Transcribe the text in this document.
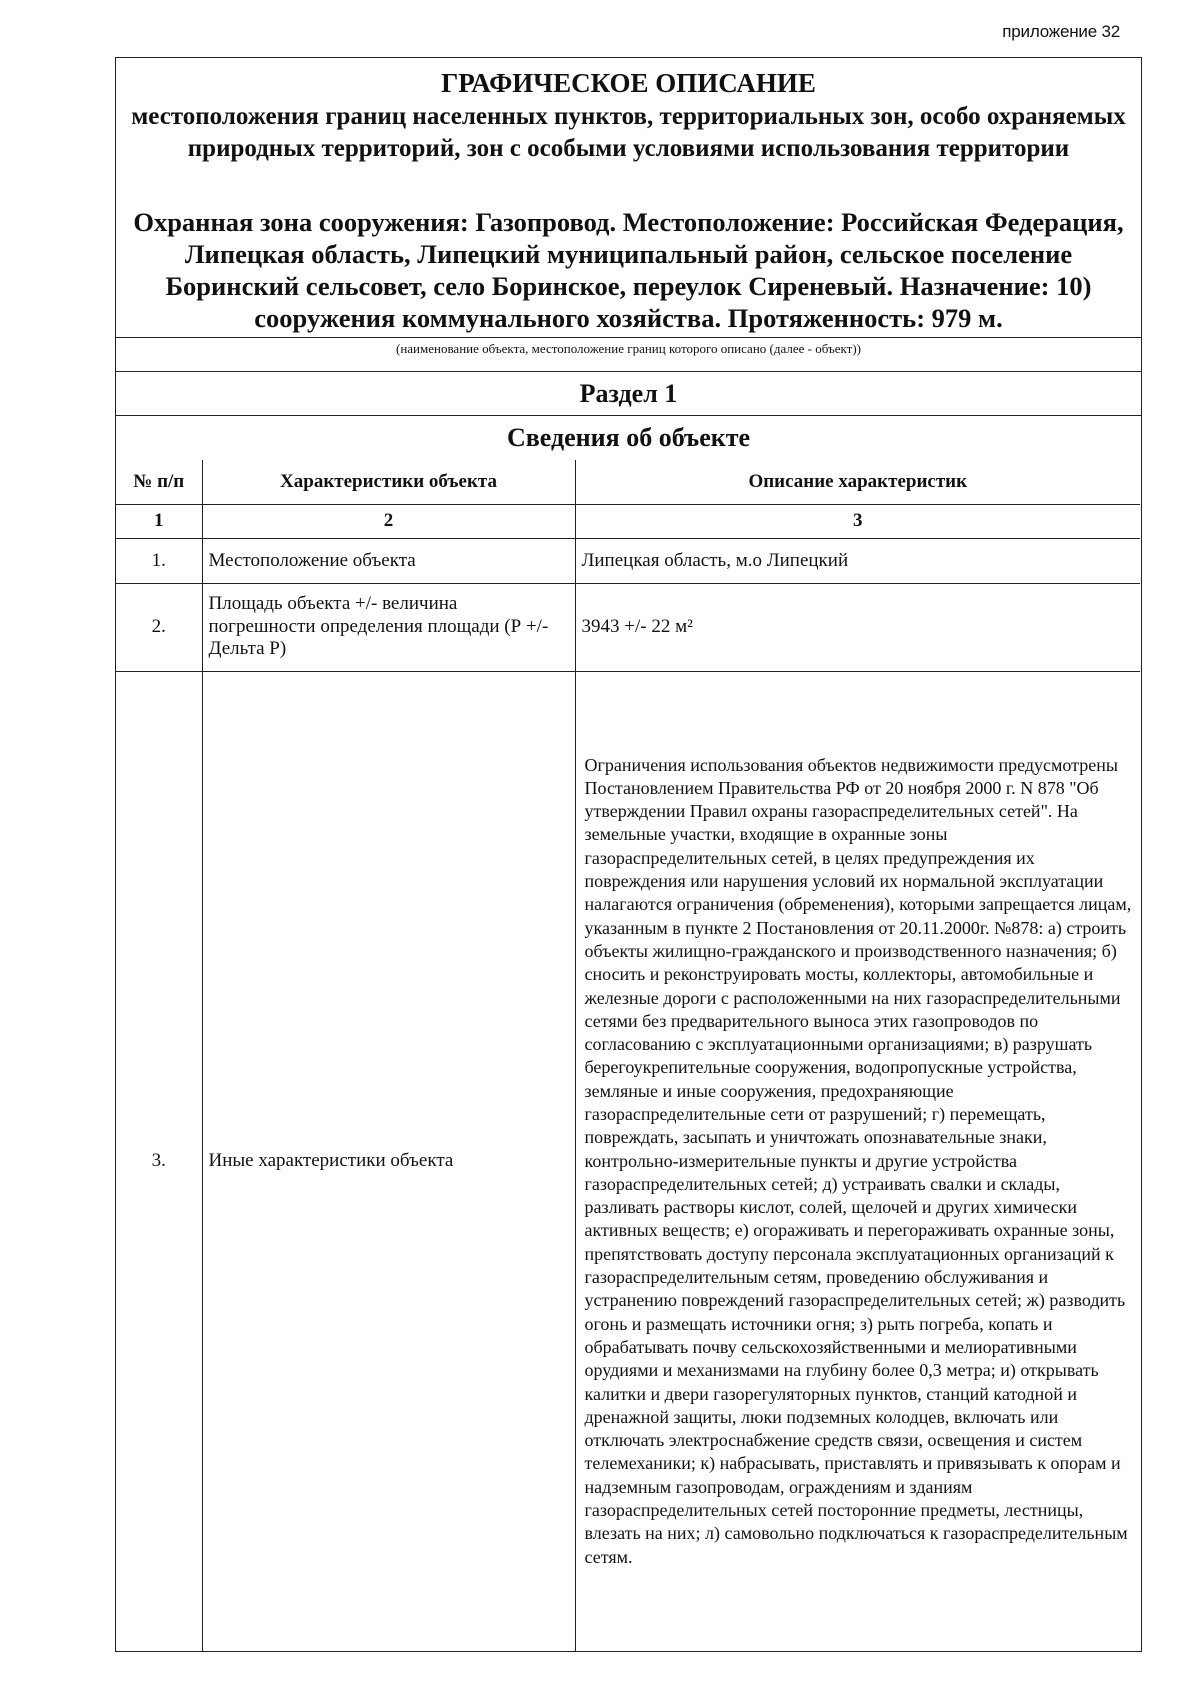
приложение 32
ГРАФИЧЕСКОЕ ОПИСАНИЕ
местоположения границ населенных пунктов, территориальных зон, особо охраняемых природных территорий, зон с особыми условиями использования территории
Охранная зона сооружения: Газопровод. Местоположение: Российская Федерация, Липецкая область, Липецкий муниципальный район, сельское поселение Боринский сельсовет, село Боринское, переулок Сиреневый. Назначение: 10) сооружения коммунального хозяйства. Протяженность: 979 м.
(наименование объекта, местоположение границ которого описано (далее - объект))
Раздел 1
Сведения об объекте
№ п/п	Характеристики объекта	Описание характеристик
1	2	3
1.	Местоположение объекта	Липецкая область, м.о Липецкий
2.	Площадь объекта +/- величина погрешности определения площади (Р +/- Дельта Р)	3943 +/- 22 м²
3.	Иные характеристики объекта	Ограничения использования объектов недвижимости предусмотрены Постановлением Правительства РФ от 20 ноября 2000 г. N 878 "Об утверждении Правил охраны газораспределительных сетей". На земельные участки, входящие в охранные зоны газораспределительных сетей, в целях предупреждения их повреждения или нарушения условий их нормальной эксплуатации налагаются ограничения (обременения), которыми запрещается лицам, указанным в пункте 2 Постановления от 20.11.2000г. №878: а) строить объекты жилищно-гражданского и производственного назначения; б) сносить и реконструировать мосты, коллекторы, автомобильные и железные дороги с расположенными на них газораспределительными сетями без предварительного выноса этих газопроводов по согласованию с эксплуатационными организациями; в) разрушать берегоукрепительные сооружения, водопропускные устройства, земляные и иные сооружения, предохраняющие газораспределительные сети от разрушений; г) перемещать, повреждать, засыпать и уничтожать опознавательные знаки, контрольно-измерительные пункты и другие устройства газораспределительных сетей; д) устраивать свалки и склады, разливать растворы кислот, солей, щелочей и других химически активных веществ; е) огораживать и перегораживать охранные зоны, препятствовать доступу персонала эксплуатационных организаций к газораспределительным сетям, проведению обслуживания и устранению повреждений газораспределительных сетей; ж) разводить огонь и размещать источники огня; з) рыть погреба, копать и обрабатывать почву сельскохозяйственными и мелиоративными орудиями и механизмами на глубину более 0,3 метра; и) открывать калитки и двери газорегуляторных пунктов, станций катодной и дренажной защиты, люки подземных колодцев, включать или отключать электроснабжение средств связи, освещения и систем телемеханики; к) набрасывать, приставлять и привязывать к опорам и надземным газопроводам, ограждениям и зданиям газораспределительных сетей посторонние предметы, лестницы, влезать на них; л) самовольно подключаться к газораспределительным сетям.
